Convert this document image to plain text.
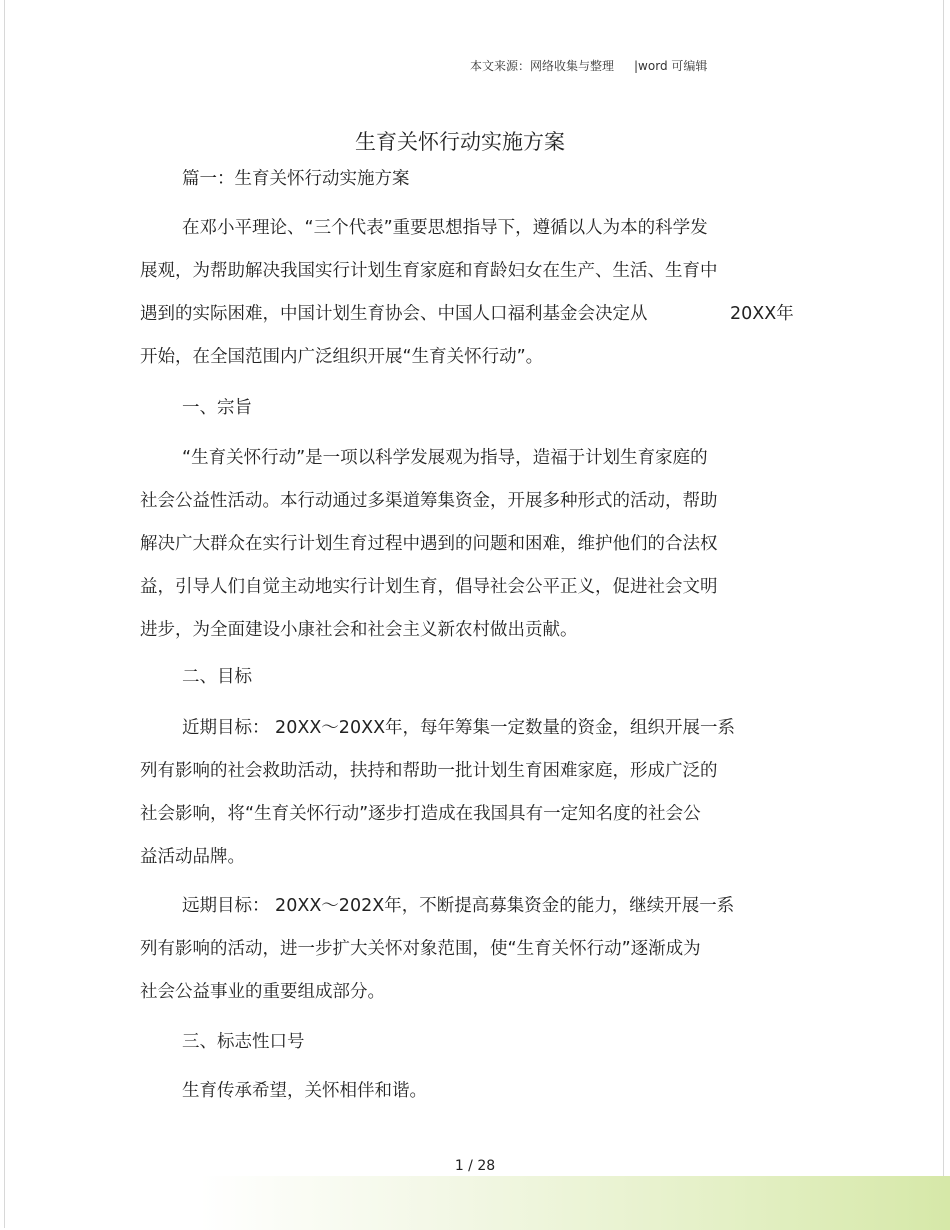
本文来源：网络收集与整理 |word 可编辑
生育关怀行动实施方案
篇一：生育关怀行动实施方案
在邓小平理论、“三个代表”重要思想指导下，遵循以人为本的科学发
展观，为帮助解决我国实行计划生育家庭和育龄妇女在生产、生活、生育中
遇到的实际困难，中国计划生育协会、中国人口福利基金会决定从	20XX年
开始，在全国范围内广泛组织开展“生育关怀行动”。
一、宗旨
“生育关怀行动”是一项以科学发展观为指导，造福于计划生育家庭的
社会公益性活动。本行动通过多渠道筹集资金，开展多种形式的活动，帮助
解决广大群众在实行计划生育过程中遇到的问题和困难，维护他们的合法权
益，引导人们自觉主动地实行计划生育，倡导社会公平正义，促进社会文明
进步，为全面建设小康社会和社会主义新农村做出贡献。
二、目标
近期目标： 20XX～20XX年，每年筹集一定数量的资金，组织开展一系
列有影响的社会救助活动，扶持和帮助一批计划生育困难家庭，形成广泛的
社会影响，将“生育关怀行动”逐步打造成在我国具有一定知名度的社会公
益活动品牌。
远期目标： 20XX～202X年，不断提高募集资金的能力，继续开展一系
列有影响的活动，进一步扩大关怀对象范围，使“生育关怀行动”逐渐成为
社会公益事业的重要组成部分。
三、标志性口号
生育传承希望，关怀相伴和谐。
1 / 28
